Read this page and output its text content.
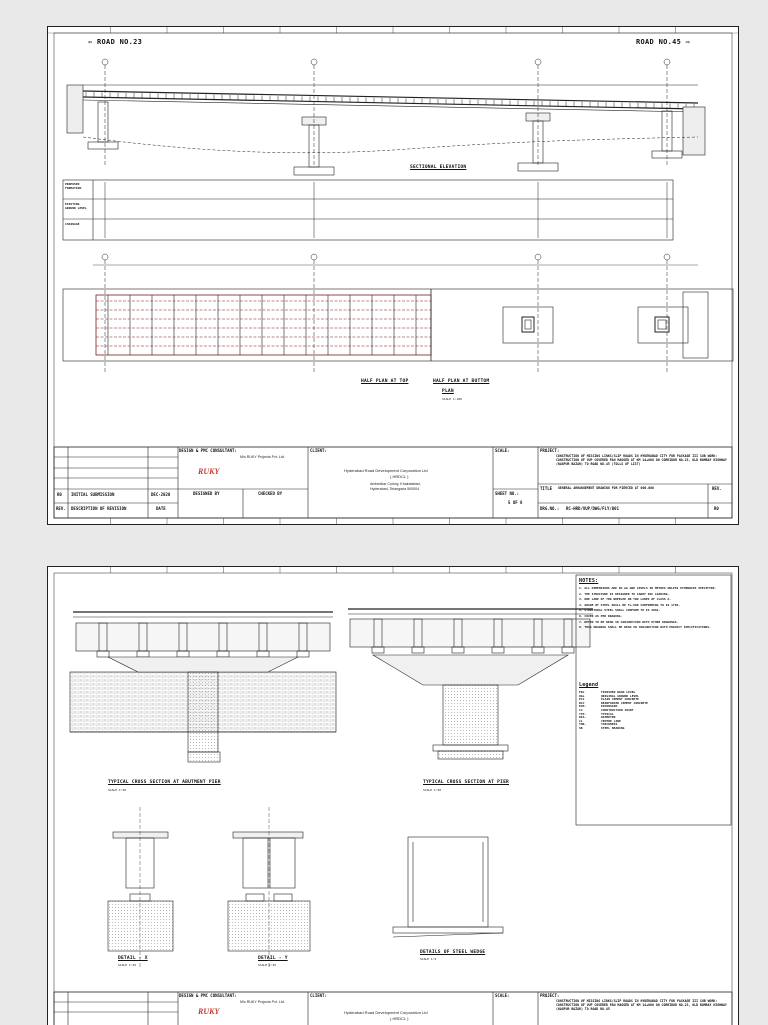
⇦ ROAD NO.23	ROAD NO.45 ⇨
SECTIONAL ELEVATION
PROPOSED FORMATION
EXISTING GROUND LEVEL
CHAINAGE
HALF PLAN AT TOP	HALF PLAN AT BOTTOM
PLAN
SCALE 1:100
DESIGN & PMC CONSULTANT:
RUKY
M/s RUKY Projects Pvt. Ltd.
CLIENT:
Hyderabad Road Development Corporation Ltd
( HRDCL )
Ambedkar Colony, Khairatabad,
Hyderabad, Telangana 500004
SCALE:	PROJECT:
CONSTRUCTION OF MISSING LINKS/SLIP ROADS IN HYDERABAD CITY FOR PACKAGE III SUB WORK: CONSTRUCTION OF VUP COVERED PAN MAGGED AT KM 14+000 ON CORRIDOR NO.23, OLD BOMBAY HIGHWAY (NAGPUR BAZAR) TO ROAD NO.45 (TOLLS OF LIST)
DESIGNED BY	CHECKED BY	SHEET NO.:
5 OF 8
TITLE GENERAL ARRANGEMENT DRAWING FOR PIERCED AT 000.000
DRG.NO.: RC-HRD/VUP/DWG/FLY/001
REV.
R0
R0 INITIAL SUBMISSION	DEC-2020
REV. DESCRIPTION OF REVISION	DATE
TYPICAL CROSS SECTION AT ABUTMENT PIER
SCALE 1:50
TYPICAL CROSS SECTION AT PIER
SCALE 1:50
DETAIL - X
SCALE 1:25
DETAIL - Y
SCALE 1:25
DETAILS OF STEEL WEDGE
SCALE 1:5
NOTES:
1. ALL DIMENSIONS ARE IN mm AND LEVELS IN METRES UNLESS OTHERWISE SPECIFIED.
2. THE STRUCTURE IS DESIGNED TO CARRY IRC LOADING.
3. ONE LANE OF 70R WHEELED OR TWO LANES OF CLASS A.
4. GRADE OF STEEL SHALL BE Fe-500 CONFORMING TO IS 1786.
5. STRUCTURAL STEEL SHALL CONFORM TO IS 2062.
6. COVER AS PER DRAWING.
7. REFER TO BE READ IN CONJUNCTION WITH OTHER DRAWINGS.
8. THIS DRAWING SHALL BE READ IN CONJUNCTION WITH PROJECT SPECIFICATIONS.
Legend
FRL	FINISHED ROAD LEVEL
OGL	ORIGINAL GROUND LEVEL
PCC	PLAIN CEMENT CONCRETE
RCC	REINFORCED CEMENT CONCRETE
EXP.	EXPANSION
CJ	CONSTRUCTION JOINT
TYP.	TYPICAL
DIA.	DIAMETER
CL	CENTRE LINE
THK.	THICKNESS
SB	STEEL BEARING
DESIGN & PMC CONSULTANT:
RUKY
M/s RUKY Projects Pvt. Ltd.
CLIENT:
Hyderabad Road Development Corporation Ltd
( HRDCL )
SCALE:	PROJECT:
CONSTRUCTION OF MISSING LINKS/SLIP ROADS IN HYDERABAD CITY FOR PACKAGE III SUB WORK: CONSTRUCTION OF VUP COVERED PAN MAGGED AT KM 14+000 ON CORRIDOR NO.23, OLD BOMBAY HIGHWAY (NAGPUR BAZAR) TO ROAD NO.45
